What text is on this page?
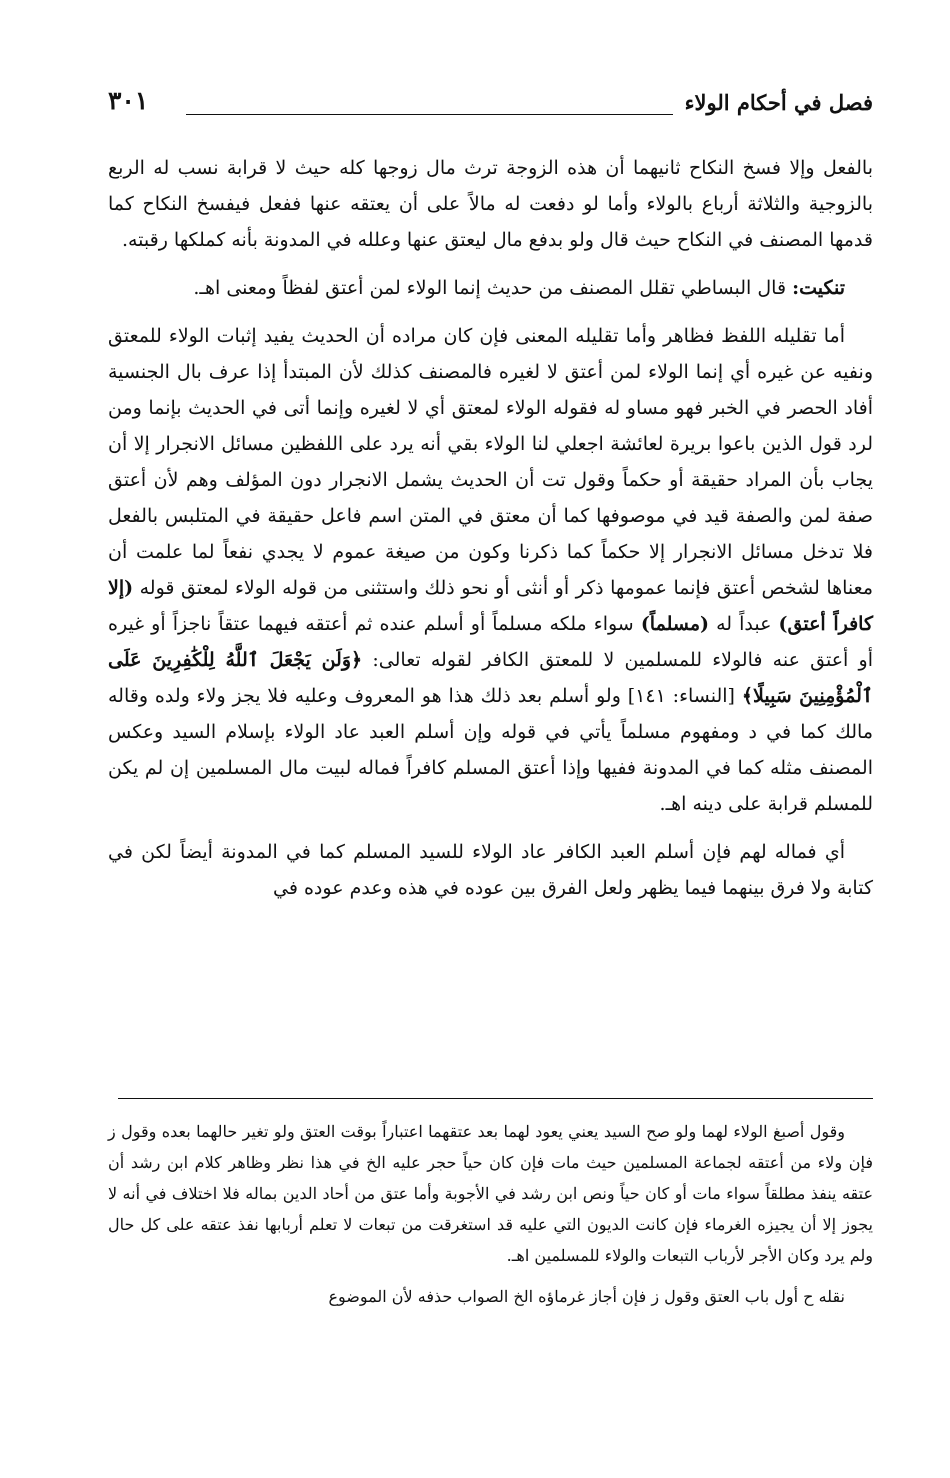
فصل في أحكام الولاء
٣٠١

بالفعل وإلا فسخ النكاح ثانيهما أن هذه الزوجة ترث مال زوجها كله حيث لا قرابة نسب له الربع بالزوجية والثلاثة أرباع بالولاء وأما لو دفعت له مالاً على أن يعتقه عنها ففعل فيفسخ النكاح كما قدمها المصنف في النكاح حيث قال ولو بدفع مال ليعتق عنها وعلله في المدونة بأنه كملكها رقبته.

تنكيت: قال البساطي تقلل المصنف من حديث إنما الولاء لمن أعتق لفظاً ومعنى اهـ.

أما تقليله اللفظ فظاهر وأما تقليله المعنى فإن كان مراده أن الحديث يفيد إثبات الولاء للمعتق ونفيه عن غيره أي إنما الولاء لمن أعتق لا لغيره فالمصنف كذلك لأن المبتدأ إذا عرف بال الجنسية أفاد الحصر في الخبر فهو مساو له فقوله الولاء لمعتق أي لا لغيره وإنما أتى في الحديث بإنما ومن لرد قول الذين باعوا بريرة لعائشة اجعلي لنا الولاء بقي أنه يرد على اللفظين مسائل الانجرار إلا أن يجاب بأن المراد حقيقة أو حكماً وقول تت أن الحديث يشمل الانجرار دون المؤلف وهم لأن أعتق صفة لمن والصفة قيد في موصوفها كما أن معتق في المتن اسم فاعل حقيقة في المتلبس بالفعل فلا تدخل مسائل الانجرار إلا حكماً كما ذكرنا وكون من صيغة عموم لا يجدي نفعاً لما علمت أن معناها لشخص أعتق فإنما عمومها ذكر أو أنثى أو نحو ذلك واستثنى من قوله الولاء لمعتق قوله (إلا كافراً أعتق) عبداً له (مسلماً) سواء ملكه مسلماً أو أسلم عنده ثم أعتقه فيهما عتقاً ناجزاً أو غيره أو أعتق عنه فالولاء للمسلمين لا للمعتق الكافر لقوله تعالى: ﴿وَلَن يَجْعَلَ ٱللَّهُ لِلْكَٰفِرِينَ عَلَى ٱلْمُؤْمِنِينَ سَبِيلًا﴾ [النساء: ١٤١] ولو أسلم بعد ذلك هذا هو المعروف وعليه فلا يجز ولاء ولده وقاله مالك كما في د ومفهوم مسلماً يأتي في قوله وإن أسلم العبد عاد الولاء بإسلام السيد وعكس المصنف مثله كما في المدونة ففيها وإذا أعتق المسلم كافراً فماله لبيت مال المسلمين إن لم يكن للمسلم قرابة على دينه اهـ.

أي فماله لهم فإن أسلم العبد الكافر عاد الولاء للسيد المسلم كما في المدونة أيضاً لكن في كتابة ولا فرق بينهما فيما يظهر ولعل الفرق بين عوده في هذه وعدم عوده في

وقول أصبغ الولاء لهما ولو صح السيد يعني يعود لهما بعد عتقهما اعتباراً بوقت العتق ولو تغير حالهما بعده وقول ز فإن ولاء من أعتقه لجماعة المسلمين حيث مات فإن كان حياً حجر عليه الخ في هذا نظر وظاهر كلام ابن رشد أن عتقه ينفذ مطلقاً سواء مات أو كان حياً ونص ابن رشد في الأجوبة وأما عتق من أحاد الدين بماله فلا اختلاف في أنه لا يجوز إلا أن يجيزه الغرماء فإن كانت الديون التي عليه قد استغرقت من تبعات لا تعلم أربابها نفذ عتقه على كل حال ولم يرد وكان الأجر لأرباب التبعات والولاء للمسلمين اهـ.

نقله ح أول باب العتق وقول ز فإن أجاز غرماؤه الخ الصواب حذفه لأن الموضوع
